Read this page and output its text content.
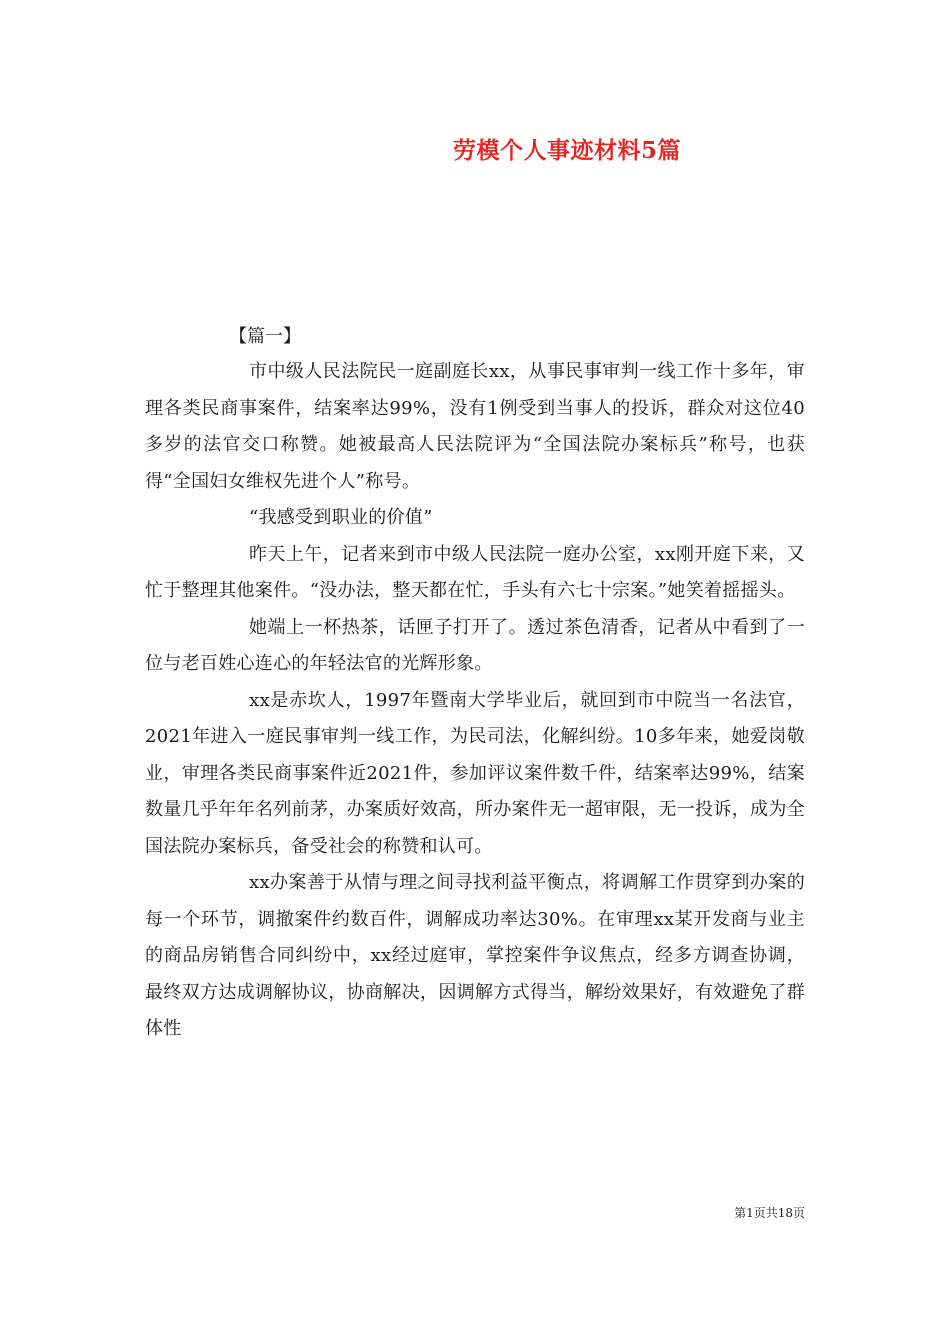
劳模个人事迹材料5篇

【篇一】

市中级人民法院民一庭副庭长xx，从事民事审判一线工作十多年，审理各类民商事案件，结案率达99%，没有1例受到当事人的投诉，群众对这位40多岁的法官交口称赞。她被最高人民法院评为“全国法院办案标兵”称号，也获得“全国妇女维权先进个人”称号。

“我感受到职业的价值”

昨天上午，记者来到市中级人民法院一庭办公室，xx刚开庭下来，又忙于整理其他案件。“没办法，整天都在忙，手头有六七十宗案。”她笑着摇摇头。

她端上一杯热茶，话匣子打开了。透过茶色清香，记者从中看到了一位与老百姓心连心的年轻法官的光辉形象。

xx是赤坎人，1997年暨南大学毕业后，就回到市中院当一名法官，2021年进入一庭民事审判一线工作，为民司法，化解纠纷。10多年来，她爱岗敬业，审理各类民商事案件近2021件，参加评议案件数千件，结案率达99%，结案数量几乎年年名列前茅，办案质好效高，所办案件无一超审限，无一投诉，成为全国法院办案标兵，备受社会的称赞和认可。

xx办案善于从情与理之间寻找利益平衡点，将调解工作贯穿到办案的每一个环节，调撤案件约数百件，调解成功率达30%。在审理xx某开发商与业主的商品房销售合同纠纷中，xx经过庭审，掌控案件争议焦点，经多方调查协调，最终双方达成调解协议，协商解决，因调解方式得当，解纷效果好，有效避免了群体性

第1页共18页
